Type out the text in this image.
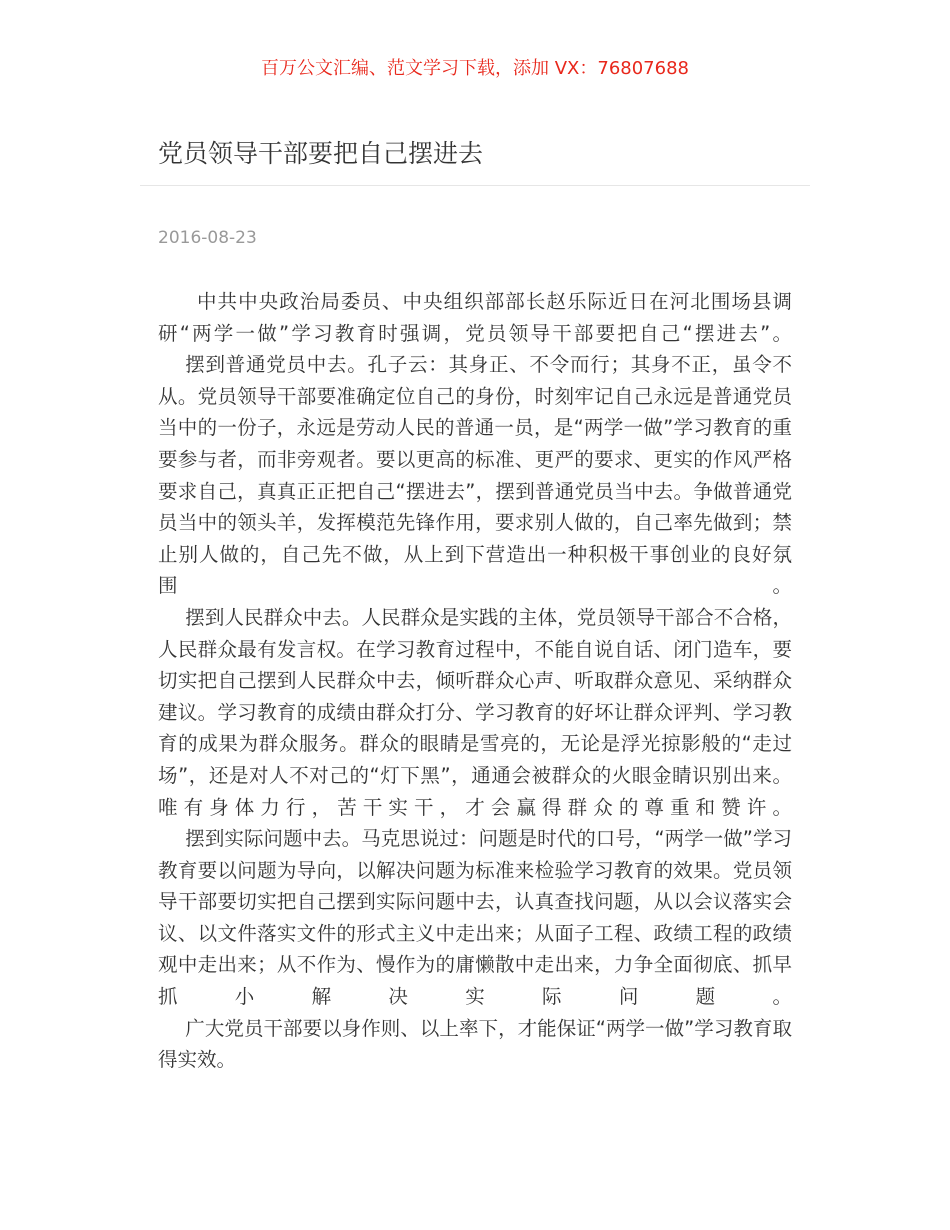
百万公文汇编、范文学习下载，添加 VX：76807688
党员领导干部要把自己摆进去
2016-08-23

中共中央政治局委员、中央组织部部长赵乐际近日在河北围场县调研“两学一做”学习教育时强调，党员领导干部要把自己“摆进去”。

摆到普通党员中去。孔子云：其身正、不令而行；其身不正，虽令不从。党员领导干部要准确定位自己的身份，时刻牢记自己永远是普通党员当中的一份子，永远是劳动人民的普通一员，是“两学一做”学习教育的重要参与者，而非旁观者。要以更高的标准、更严的要求、更实的作风严格要求自己，真真正正把自己“摆进去”，摆到普通党员当中去。争做普通党员当中的领头羊，发挥模范先锋作用，要求别人做的，自己率先做到；禁止别人做的，自己先不做，从上到下营造出一种积极干事创业的良好氛围。

摆到人民群众中去。人民群众是实践的主体，党员领导干部合不合格，人民群众最有发言权。在学习教育过程中，不能自说自话、闭门造车，要切实把自己摆到人民群众中去，倾听群众心声、听取群众意见、采纳群众建议。学习教育的成绩由群众打分、学习教育的好坏让群众评判、学习教育的成果为群众服务。群众的眼睛是雪亮的，无论是浮光掠影般的“走过场”，还是对人不对己的“灯下黑”，通通会被群众的火眼金睛识别出来。唯有身体力行，苦干实干，才会赢得群众的尊重和赞许。

摆到实际问题中去。马克思说过：问题是时代的口号，“两学一做”学习教育要以问题为导向，以解决问题为标准来检验学习教育的效果。党员领导干部要切实把自己摆到实际问题中去，认真查找问题，从以会议落实会议、以文件落实文件的形式主义中走出来；从面子工程、政绩工程的政绩观中走出来；从不作为、慢作为的庸懒散中走出来，力争全面彻底、抓早抓小解决实际问题。

广大党员干部要以身作则、以上率下，才能保证“两学一做”学习教育取得实效。
